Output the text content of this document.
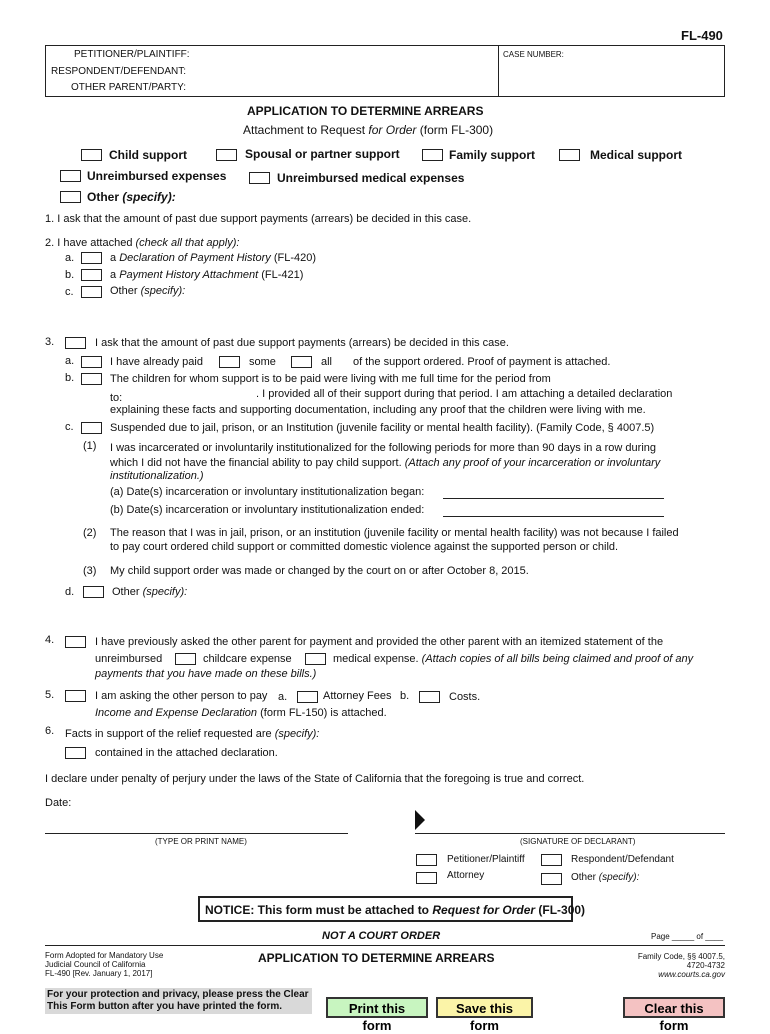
FL-490
PETITIONER/PLAINTIFF:
RESPONDENT/DEFENDANT:
OTHER PARENT/PARTY:
CASE NUMBER:
APPLICATION TO DETERMINE ARREARS
Attachment to Request for Order (form FL-300)
Child support	Spousal or partner support	Family support	Medical support
Unreimbursed expenses	Unreimbursed medical expenses
Other (specify):
1. I ask that the amount of past due support payments (arrears) be decided in this case.
2. I have attached (check all that apply):
a.	a Declaration of Payment History (FL-420)
b.	a Payment History Attachment (FL-421)
c.	Other (specify):
3.	I ask that the amount of past due support payments (arrears) be decided in this case.
a.	I have already paid	some	all of the support ordered. Proof of payment is attached.
b.	The children for whom support is to be paid were living with me full time for the period from
to:	. I provided all of their support during that period. I am attaching a detailed declaration
explaining these facts and supporting documentation, including any proof that the children were living with me.
c.	Suspended due to jail, prison, or an Institution (juvenile facility or mental health facility). (Family Code, § 4007.5)
(1) I was incarcerated or involuntarily institutionalized for the following periods for more than 90 days in a row during
which I did not have the financial ability to pay child support. (Attach any proof of your incarceration or involuntary
institutionalization.)
(a) Date(s) incarceration or involuntary institutionalization began:
(b) Date(s) incarceration or involuntary institutionalization ended:
(2) The reason that I was in jail, prison, or an institution (juvenile facility or mental health facility) was not because I failed
to pay court ordered child support or committed domestic violence against the supported person or child.
(3) My child support order was made or changed by the court on or after October 8, 2015.
d.	Other (specify):
4.	I have previously asked the other parent for payment and provided the other parent with an itemized statement of the
unreimbursed	childcare expense	medical expense. (Attach copies of all bills being claimed and proof of any
payments that you have made on these bills.)
5.	I am asking the other person to pay a.	Attorney Fees b.	Costs.
Income and Expense Declaration (form FL-150) is attached.
6. Facts in support of the relief requested are (specify):
contained in the attached declaration.
I declare under penalty of perjury under the laws of the State of California that the foregoing is true and correct.
Date:
(TYPE OR PRINT NAME)	(SIGNATURE OF DECLARANT)
Petitioner/Plaintiff	Respondent/Defendant
Attorney	Other (specify):
NOTICE: This form must be attached to Request for Order (FL-300)
NOT A COURT ORDER	Page _____ of ____
Form Adopted for Mandatory Use
Judicial Council of California
FL-490 [Rev. January 1, 2017]
APPLICATION TO DETERMINE ARREARS	Family Code, §§ 4007.5,
4720-4732
www.courts.ca.gov
For your protection and privacy, please press the Clear
This Form button after you have printed the form.	Print this form
Save this form
Clear this form
